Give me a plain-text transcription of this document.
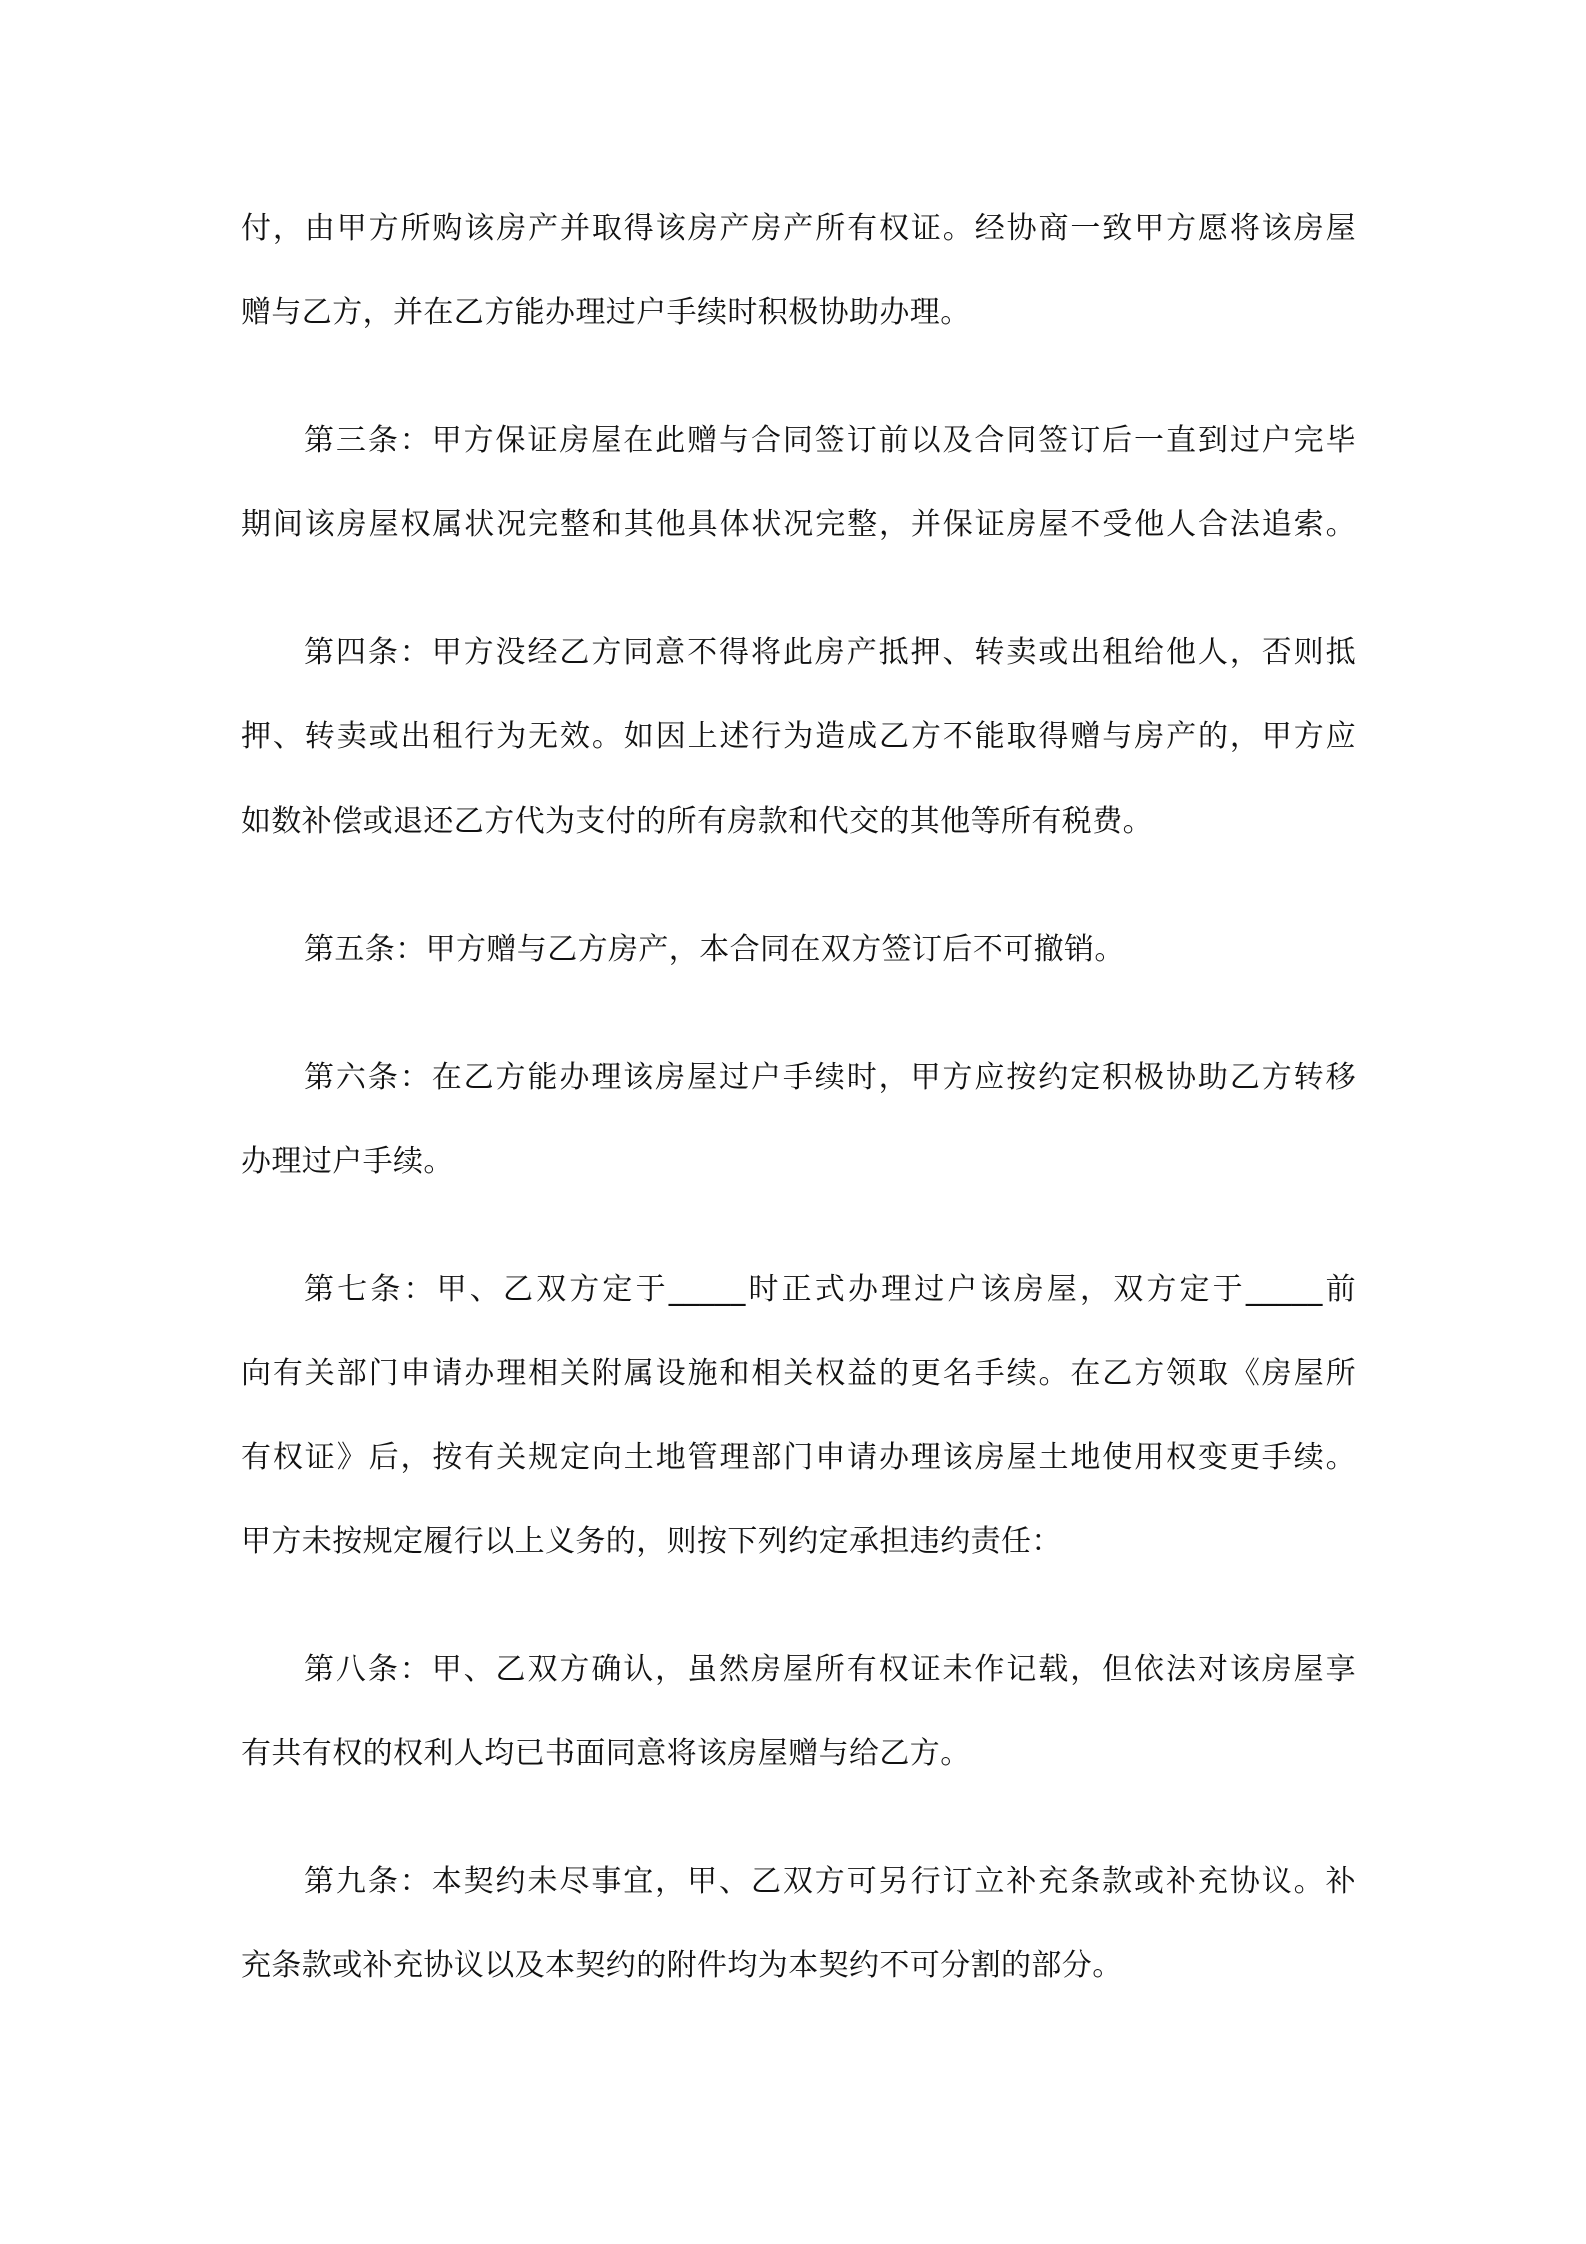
付，由甲方所购该房产并取得该房产房产所有权证。经协商一致甲方愿将该房屋
赠与乙方，并在乙方能办理过户手续时积极协助办理。
第三条：甲方保证房屋在此赠与合同签订前以及合同签订后一直到过户完毕
期间该房屋权属状况完整和其他具体状况完整，并保证房屋不受他人合法追索。
第四条：甲方没经乙方同意不得将此房产抵押、转卖或出租给他人，否则抵
押、转卖或出租行为无效。如因上述行为造成乙方不能取得赠与房产的，甲方应
如数补偿或退还乙方代为支付的所有房款和代交的其他等所有税费。
第五条：甲方赠与乙方房产，本合同在双方签订后不可撤销。
第六条：在乙方能办理该房屋过户手续时，甲方应按约定积极协助乙方转移
办理过户手续。
第七条：甲、乙双方定于_____时正式办理过户该房屋，双方定于_____前
向有关部门申请办理相关附属设施和相关权益的更名手续。在乙方领取《房屋所
有权证》后，按有关规定向土地管理部门申请办理该房屋土地使用权变更手续。
甲方未按规定履行以上义务的，则按下列约定承担违约责任：
第八条：甲、乙双方确认，虽然房屋所有权证未作记载，但依法对该房屋享
有共有权的权利人均已书面同意将该房屋赠与给乙方。
第九条：本契约未尽事宜，甲、乙双方可另行订立补充条款或补充协议。补
充条款或补充协议以及本契约的附件均为本契约不可分割的部分。
